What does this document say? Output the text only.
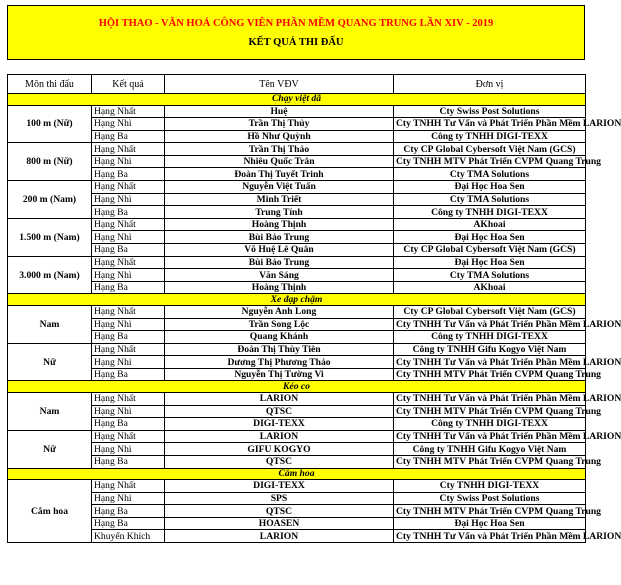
HỘI THAO - VĂN HOÁ CÔNG VIÊN PHẦN MỀM QUANG TRUNG LẦN XIV - 2019
KẾT QUẢ THI ĐẤU
Môn thi đấu	Kết quả	Tên VĐV	Đơn vị
Chạy việt dã			
100 m (Nữ)	Hạng Nhất	Huệ	Cty Swiss Post Solutions
	Hạng Nhì	Trần Thị Thủy	Cty TNHH Tư Vấn và Phát Triển Phần Mềm LARION
	Hạng Ba	Hồ Như Quỳnh	Công ty TNHH DIGI-TEXX
800 m (Nữ)	Hạng Nhất	Trần Thị Thảo	Cty CP Global Cybersoft Việt Nam (GCS)
	Hạng Nhì	Nhiêu Quốc Trân	Cty TNHH MTV Phát Triển CVPM Quang Trung
	Hạng Ba	Đoàn Thị Tuyết Trinh	Cty TMA Solutions
200 m (Nam)	Hạng Nhất	Nguyễn Việt Tuấn	Đại Học Hoa Sen
	Hạng Nhì	Minh Triết	Cty TMA Solutions
	Hạng Ba	Trung Tính	Công ty TNHH DIGI-TEXX
1.500 m (Nam)	Hạng Nhất	Hoàng Thịnh	AKhoai
	Hạng Nhì	Bùi Bảo Trung	Đại Học Hoa Sen
	Hạng Ba	Võ Huệ Lê Quân	Cty CP Global Cybersoft Việt Nam (GCS)
3.000 m (Nam)	Hạng Nhất	Bùi Bảo Trung	Đại Học Hoa Sen
	Hạng Nhì	Văn Sáng	Cty TMA Solutions
	Hạng Ba	Hoàng Thịnh	AKhoai
Xe đạp chậm			
Nam	Hạng Nhất	Nguyễn Anh Long	Cty CP Global Cybersoft Việt Nam (GCS)
	Hạng Nhì	Trần Song Lộc	Cty TNHH Tư Vấn và Phát Triển Phần Mềm LARION
	Hạng Ba	Quang Khánh	Công ty TNHH DIGI-TEXX
Nữ	Hạng Nhất	Đoàn Thị Thùy Tiên	Công ty TNHH Gifu Kogyo Việt Nam
	Hạng Nhì	Dương Thị Phương Thảo	Cty TNHH Tư Vấn và Phát Triển Phần Mềm LARION
	Hạng Ba	Nguyễn Thị Tường Vi	Cty TNHH MTV Phát Triển CVPM Quang Trung
Kéo co			
Nam	Hạng Nhất	LARION	Cty TNHH Tư Vấn và Phát Triển Phần Mềm LARION
	Hạng Nhì	QTSC	Cty TNHH MTV Phát Triển CVPM Quang Trung
	Hạng Ba	DIGI-TEXX	Công ty TNHH DIGI-TEXX
Nữ	Hạng Nhất	LARION	Cty TNHH Tư Vấn và Phát Triển Phần Mềm LARION
	Hạng Nhì	GIFU KOGYO	Công ty TNHH Gifu Kogyo Việt Nam
	Hạng Ba	QTSC	Cty TNHH MTV Phát Triển CVPM Quang Trung
Cắm hoa			
Cắm hoa	Hạng Nhất	DIGI-TEXX	Cty TNHH DIGI-TEXX
	Hạng Nhì	SPS	Cty Swiss Post Solutions
	Hạng Ba	QTSC	Cty TNHH MTV Phát Triển CVPM Quang Trung
	Hạng Ba	HOASEN	Đại Học Hoa Sen
	Khuyến Khích	LARION	Cty TNHH Tư Vấn và Phát Triển Phần Mềm LARION
